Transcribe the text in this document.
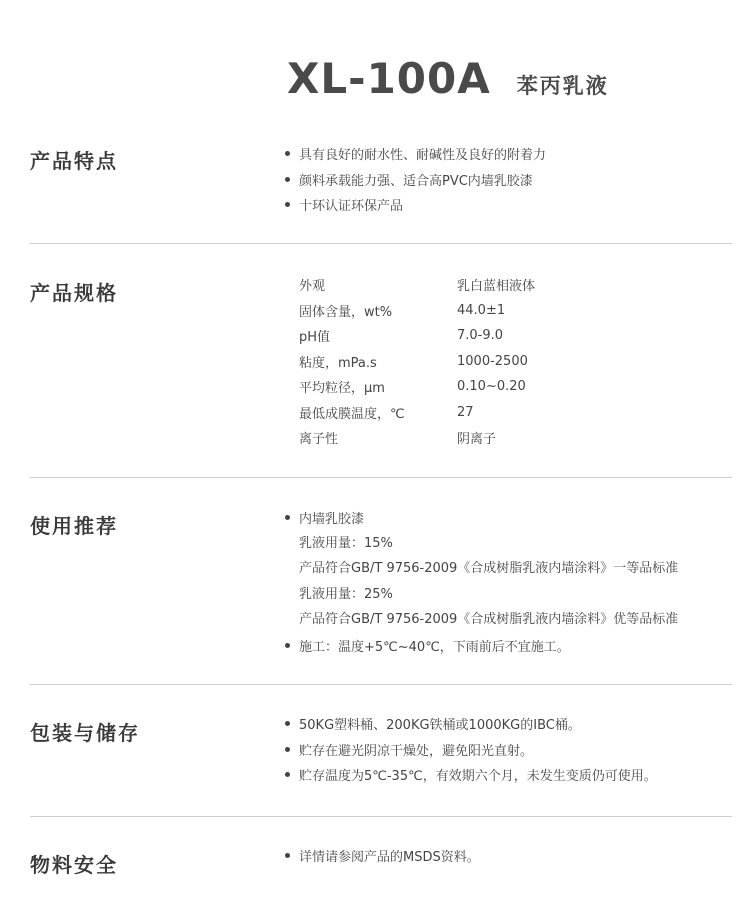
XL-100A 苯丙乳液
产品特点	具有良好的耐水性、耐碱性及良好的附着力
颜料承载能力强、适合高PVC内墙乳胶漆
十环认证环保产品
产品规格	外观	乳白蓝相液体
固体含量，wt%	44.0±1
pH值	7.0-9.0
粘度，mPa.s	1000-2500
平均粒径，μm	0.10~0.20
最低成膜温度，℃	27
离子性	阴离子
使用推荐	内墙乳胶漆
乳液用量：15%
产品符合GB/T 9756-2009《合成树脂乳液内墙涂料》一等品标准
乳液用量：25%
产品符合GB/T 9756-2009《合成树脂乳液内墙涂料》优等品标准
施工：温度+5℃~40℃，下雨前后不宜施工。
包装与储存	50KG塑料桶、200KG铁桶或1000KG的IBC桶。
贮存在避光阴凉干燥处，避免阳光直射。
贮存温度为5℃-35℃，有效期六个月，未发生变质仍可使用。
物料安全	详情请参阅产品的MSDS资料。
